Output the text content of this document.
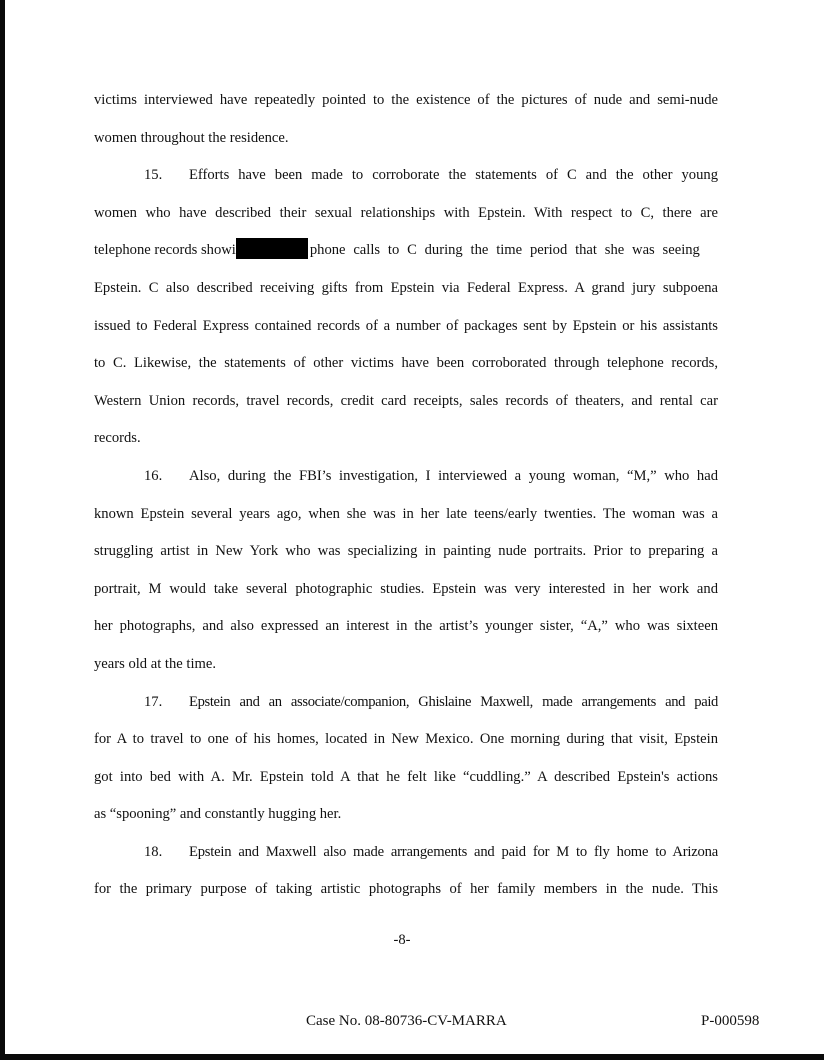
victims interviewed have repeatedly pointed to the existence of the pictures of nude and semi-nude
women throughout the residence.
15. Efforts have been made to corroborate the statements of C and the other young
women who have described their sexual relationships with Epstein. With respect to C, there are
telephone records showi	phone calls to C during the time period that she was seeing
Epstein. C also described receiving gifts from Epstein via Federal Express. A grand jury subpoena
issued to Federal Express contained records of a number of packages sent by Epstein or his assistants
to C. Likewise, the statements of other victims have been corroborated through telephone records,
Western Union records, travel records, credit card receipts, sales records of theaters, and rental car
records.
16. Also, during the FBI’s investigation, I interviewed a young woman, “M,” who had
known Epstein several years ago, when she was in her late teens/early twenties. The woman was a
struggling artist in New York who was specializing in painting nude portraits. Prior to preparing a
portrait, M would take several photographic studies. Epstein was very interested in her work and
her photographs, and also expressed an interest in the artist’s younger sister, “A,” who was sixteen
years old at the time.
17. Epstein and an associate/companion, Ghislaine Maxwell, made arrangements and paid
for A to travel to one of his homes, located in New Mexico. One morning during that visit, Epstein
got into bed with A. Mr. Epstein told A that he felt like “cuddling.” A described Epstein's actions
as “spooning” and constantly hugging her.
18. Epstein and Maxwell also made arrangements and paid for M to fly home to Arizona
for the primary purpose of taking artistic photographs of her family members in the nude. This
-8-
Case No. 08-80736-CV-MARRA	P-000598
